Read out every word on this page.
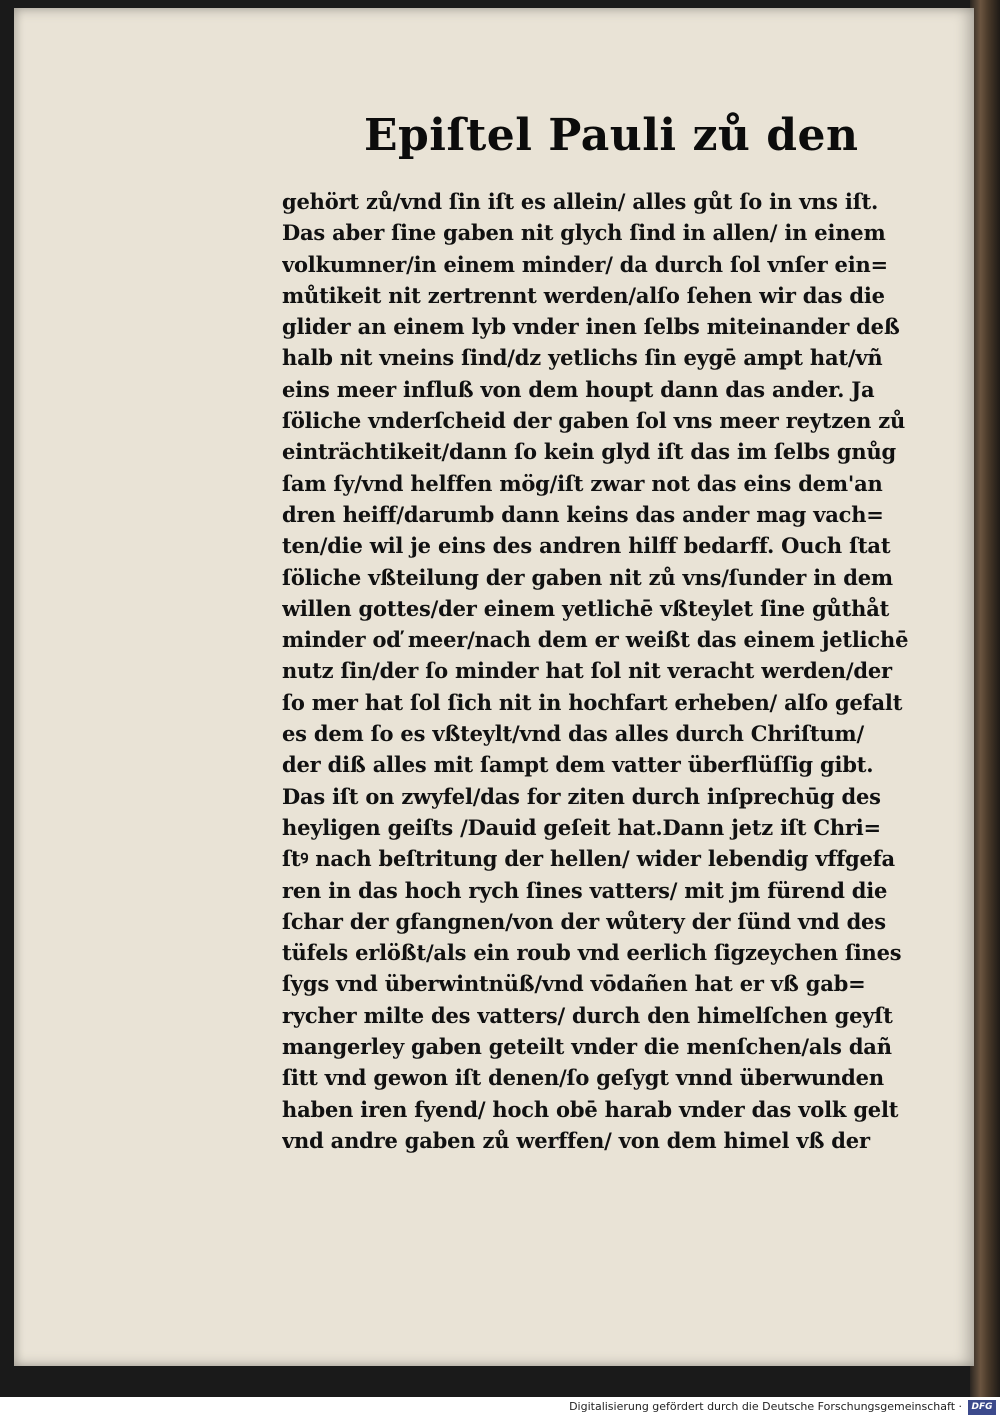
Epiſtel Pauli zů den
gehört zů/vnd ſin iſt es allein/ alles gůt ſo in vns iſt.
Das aber ſine gaben nit glych ſind in allen/ in einem
volkumner/in einem minder/ da durch ſol vnſer ein=
můtikeit nit zertrennt werden/alſo ſehen wir das die
glider an einem lyb vnder inen ſelbs miteinander deß
halb nit vneins ſind/dz yetlichs ſin eygē ampt hat/vñ
eins meer influß von dem houpt dann das ander. Ja
ſöliche vnderſcheid der gaben ſol vns meer reytzen zů
einträchtikeit/dann ſo kein glyd iſt das im ſelbs gnůg
ſam ſy/vnd helffen mög/iſt zwar not das eins dem'an
dren heiff/darumb dann keins das ander mag vach=
ten/die wil je eins des andren hilff bedarff. Ouch ſtat
ſöliche vßteilung der gaben nit zů vns/ſunder in dem
willen gottes/der einem yetlichē vßteylet ſine gůthåt
minder oď meer/nach dem er weißt das einem jetlichē
nutz ſin/der ſo minder hat ſol nit veracht werden/der
ſo mer hat ſol ſich nit in hochfart erheben/ alſo gefalt
es dem ſo es vßteylt/vnd das alles durch Chriſtum/
der diß alles mit ſampt dem vatter überflüſſig gibt.
Das iſt on zwyfel/das for ziten durch inſprechūg des
heyligen geiſts /Dauid geſeit hat.Dann jetz iſt Chri=
ſtꝰ nach beſtritung der hellen/ wider lebendig vffgefa
ren in das hoch rych ſines vatters/ mit jm fürend die
ſchar der gfangnen/von der wůtery der ſünd vnd des
tüfels erlößt/als ein roub vnd eerlich ſigzeychen ſines
ſygs vnd überwintnüß/vnd vōdañen hat er vß gab=
rycher milte des vatters/ durch den himelſchen geyſt
mangerley gaben geteilt vnder die menſchen/als dañ
ſitt vnd gewon iſt denen/ſo geſygt vnnd überwunden
haben iren fyend/ hoch obē harab vnder das volk gelt
vnd andre gaben zů werffen/ von dem himel vß der
Digitalisierung gefördert durch die Deutsche Forschungsgemeinschaft ·	DFG
